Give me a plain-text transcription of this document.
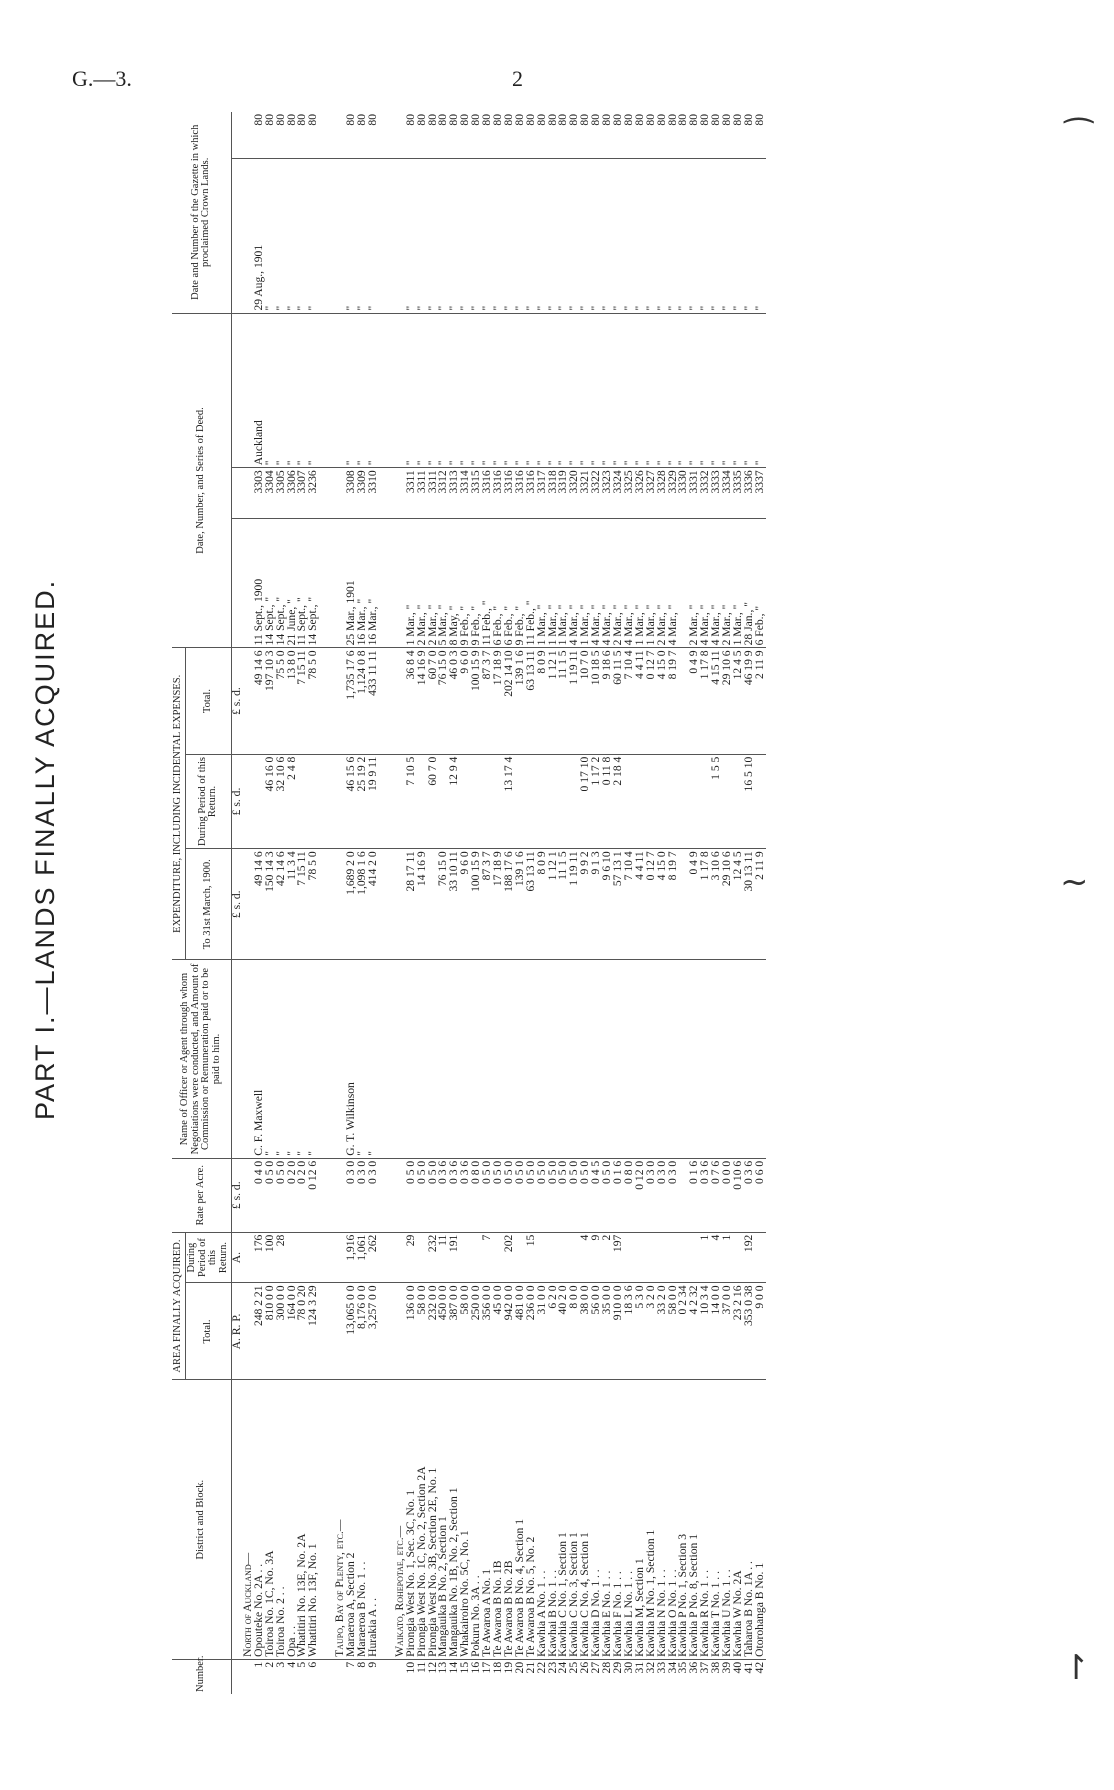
G.—3.	2
PART I.—LANDS FINALLY ACQUIRED.
⁀
~
↾
Number.	District and Block.	AREA FINALLY ACQUIRED.		Rate per Acre.	Name of Officer or Agent through whom Negotiations were conducted, and Amount of Commission or Remuneration paid or to be paid to him.	EXPENDITURE, INCLUDING INCIDENTAL EXPENSES.			Date, Number, and Series of Deed.			Date and Number of the Gazette in which proclaimed Crown Lands.	
		Total.	During Period of this Return.			To 31st March, 1900.	During Period of this Return.	Total.					
		A. R. P.	A.	£ s. d.		£ s. d.	£ s. d.	£ s. d.					
	North of Auckland—												
1	Opouteke No. 2A . .	248 2 21	176	0 4 0	C. F. Maxwell	49 14 6		49 14 6	11 Sept., 1900	3303	Auckland	29 Aug., 1901	80
2	Toiroa No. 1C, No. 3A	810 0 0	100	0 5 0	"	150 14 3	46 16 0	197 10 3	14 Sept., "	3304	"	"	80
3	Toiroa No. 2 . .	300 0 0	28	0 5 0	"	42 14 6	32 10 6	75 5 0	14 Sept., "	3305	"	"	80
4	Opa . .	164 0 0		0 2 0	"	11 3 4	2 4 8	13 8 0	21 June, "	3306	"	"	80
5	Whatitiri No. 13E, No. 2A	78 0 20		0 2 0	"	7 15 11		7 15 11	11 Sept., "	3307	"	"	80
6	Whatitiri No. 13F, No. 1	124 3 29		0 12 6	"	78 5 0		78 5 0	14 Sept., "	3236	"	"	80

	Taupo, Bay of Plenty, etc.—												
7	Maraeroa A, Section 2	13,065 0 0	1,916	0 3 0	G. T. Wilkinson	1,689 2 0	46 15 6	1,735 17 6	25 Mar., 1901	3308	"	"	80
8	Maraeroa B No. 1 . .	8,176 0 0	1,061	0 3 0	"	1,098 1 6	25 19 2	1,124 0 8	16 Mar., "	3309	"	"	80
9	Hurakia A . .	3,257 0 0	262	0 3 0	"	414 2 0	19 9 11	433 11 11	16 Mar., "	3310	"	"	80

	Waikato, Rohepotae, etc.—												
10	Pirongia West No. 1, Sec. 3C, No. 1	136 0 0	29	0 5 0		28 17 11	7 10 5	36 8 4	1 Mar., "	3311	"	"	80
11	Pirongia West No. 1C, No. 2, Section 2A	58 0 0		0 5 0		14 16 9		14 16 9	2 Mar., "	3311	"	"	80
12	Pirongia West No. 3B, Section 2E, No. 1	232 0 0	232	0 5 0			60 7 0	60 7 0	2 Mar., "	3311	"	"	80
13	Mangauika B No. 2, Section 1	450 0 0	11	0 3 6		76 15 0		76 15 0	5 Mar., "	3312	"	"	80
14	Mangauika No. 1B, No. 2, Section 1	387 0 0	191	0 3 6		33 10 11	12 9 4	46 0 3	8 May, "	3313	"	"	80
15	Whakairoiro No. 5C, No. 1	58 0 0		0 3 6		9 6 0		9 6 0	9 Feb., "	3314	"	"	80
16	Pokuru No. 3A . .	250 0 0		0 8 0		100 15 9		100 15 9	9 Feb., "	3315	"	"	80
17	Te Awaroa A No. 1	356 0 0	7	0 5 0		87 3 7		87 3 7	11 Feb., "	3316	"	"	80
18	Te Awaroa B No. 1B	45 0 0		0 5 0		17 18 9		17 18 9	6 Feb., "	3316	"	"	80
19	Te Awaroa B No. 2B	942 0 0	202	0 5 0		188 17 6	13 17 4	202 14 10	6 Feb., "	3316	"	"	80
20	Te Awaroa B No. 4, Section 1	481 0 0		0 5 0		139 1 6		139 1 6	9 Feb., "	3316	"	"	80
21	Te Awaroa B No. 5, No. 2	236 0 0	15	0 5 0		63 13 11		63 13 11	11 Feb., "	3316	"	"	80
22	Kawhia A No. 1 . .	31 0 0		0 5 0		8 0 9		8 0 9	1 Mar., "	3317	"	"	80
23	Kawhai B No. 1 . .	6 2 0		0 5 0		1 12 1		1 12 1	1 Mar., "	3318	"	"	80
24	Kawhia C No. 1, Section 1	40 2 0		0 5 0		11 1 5		11 1 5	1 Mar., "	3319	"	"	80
25	Kawhia C No. 3, Section 1	8 0 0		0 5 0		1 19 11		1 19 11	4 Mar., "	3320	"	"	80
26	Kawhia C No. 4, Section 1	38 0 0	4	0 5 0		9 9 2	0 17 10	10 7 0	1 Mar., "	3321	"	"	80
27	Kawhia D No. 1 . .	56 0 0	9	0 4 5		9 1 3	1 17 2	10 18 5	4 Mar., "	3322	"	"	80
28	Kawhia E No. 1 . .	35 0 0	2	0 5 0		9 6 10	0 11 8	9 18 6	4 Mar., "	3323	"	"	80
29	Kawhia F No. 1 . .	910 0 0	197	0 1 6		57 13 1	2 18 4	60 11 5	2 Mar., "	3324	"	"	80
30	Kawhia L No. 1 . .	18 3 6		0 8 0		7 10 4		7 10 4	4 Mar., "	3325	"	"	80
31	Kawhia M, Section 1	5 3 0		0 12 0		4 4 11		4 4 11	1 Mar., "	3326	"	"	80
32	Kawhia M No. 1, Section 1	3 2 0		0 3 0		0 12 7		0 12 7	1 Mar., "	3327	"	"	80
33	Kawhia N No. 1 . .	33 2 0		0 3 0		4 15 0		4 15 0	2 Mar., "	3328	"	"	80
34	Kawhia O No. 1 . .	58 0 0		0 3 0		8 19 7		8 19 7	4 Mar., "	3329	"	"	80
35	Kawhia P No. 1, Section 3	0 2 34								3330	"	"	80
36	Kawhia P No. 8, Section 1	4 2 32		0 1 6		0 4 9		0 4 9	2 Mar., "	3331	"	"	80
37	Kawhia R No. 1 . .	10 3 4	1	0 3 6		1 17 8		1 17 8	4 Mar., "	3332	"	"	80
38	Kawhia T No. 1 . .	14 0 0	4	0 7 6		3 10 6	1 5 5	4 15 11	4 Mar., "	3333	"	"	80
39	Kawhia U No. 1 . .	37 0 0	1	0 0 0		29 10 6		29 10 6	2 Mar., "	3334	"	"	80
40	Kawhia W No. 2A	23 2 16		0 10 6		12 4 5		12 4 5	1 Mar., "	3335	"	"	80
41	Taharoa B No. 1A . .	353 0 38	192	0 3 6		30 13 11	16 5 10	46 19 9	28 Jan., "	3336	"	"	80
42	Otorohanga B No. 1	9 0 0		0 6 0		2 11 9		2 11 9	6 Feb., "	3337	"	"	80
